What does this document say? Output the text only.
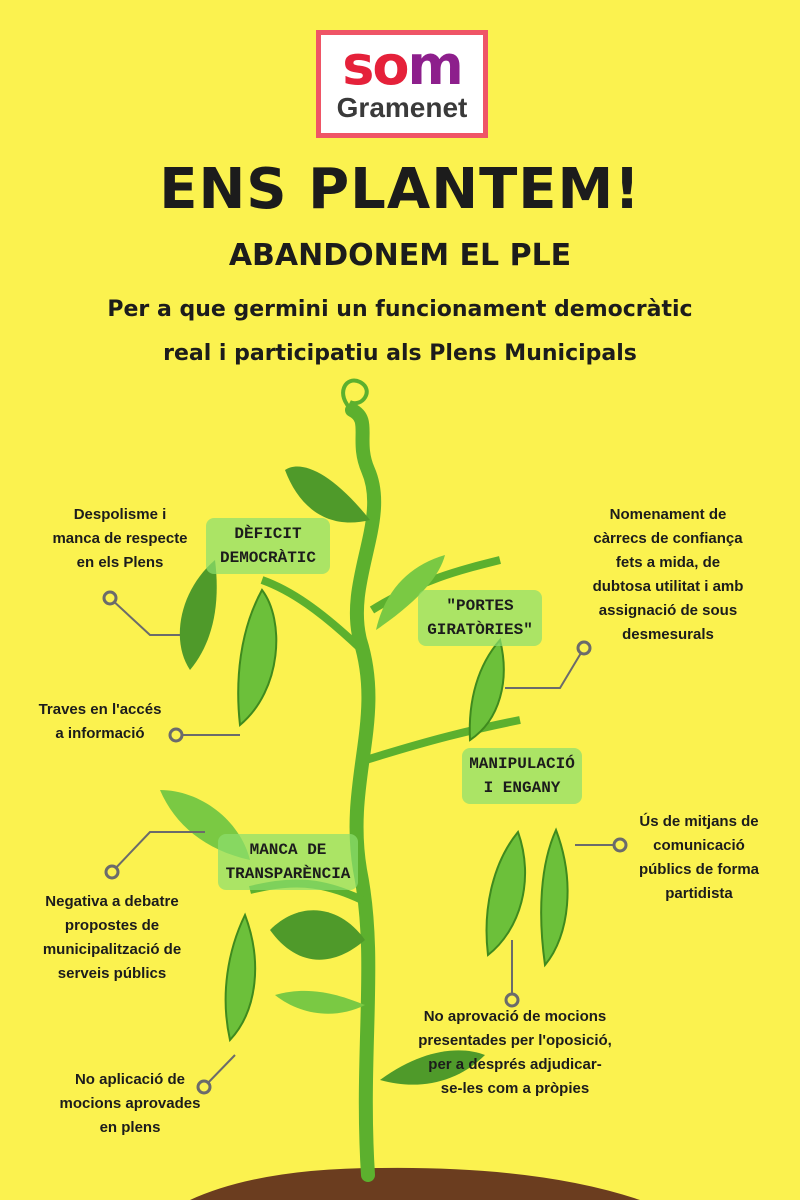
som
Gramenet
ENS PLANTEM!
ABANDONEM EL PLE
Per a que germini un funcionament democràtic
real i participatiu als Plens Municipals
DÈFICIT
DEMOCRÀTIC
"PORTES
GIRATÒRIES"
MANIPULACIÓ
I ENGANY
MANCA DE
TRANSPARÈNCIA
Despolisme i
manca de respecte
en els Plens
Traves en l'accés
a informació
Nomenament de
càrrecs de confiança
fets a mida, de
dubtosa utilitat i amb
assignació de sous
desmesurals
Ús de mitjans de
comunicació
públics de forma
partidista
Negativa a debatre
propostes de
municipalització de
serveis públics
No aprovació de mocions
presentades per l'oposició,
per a després adjudicar-
se-les com a pròpies
No aplicació de
mocions aprovades
en plens
